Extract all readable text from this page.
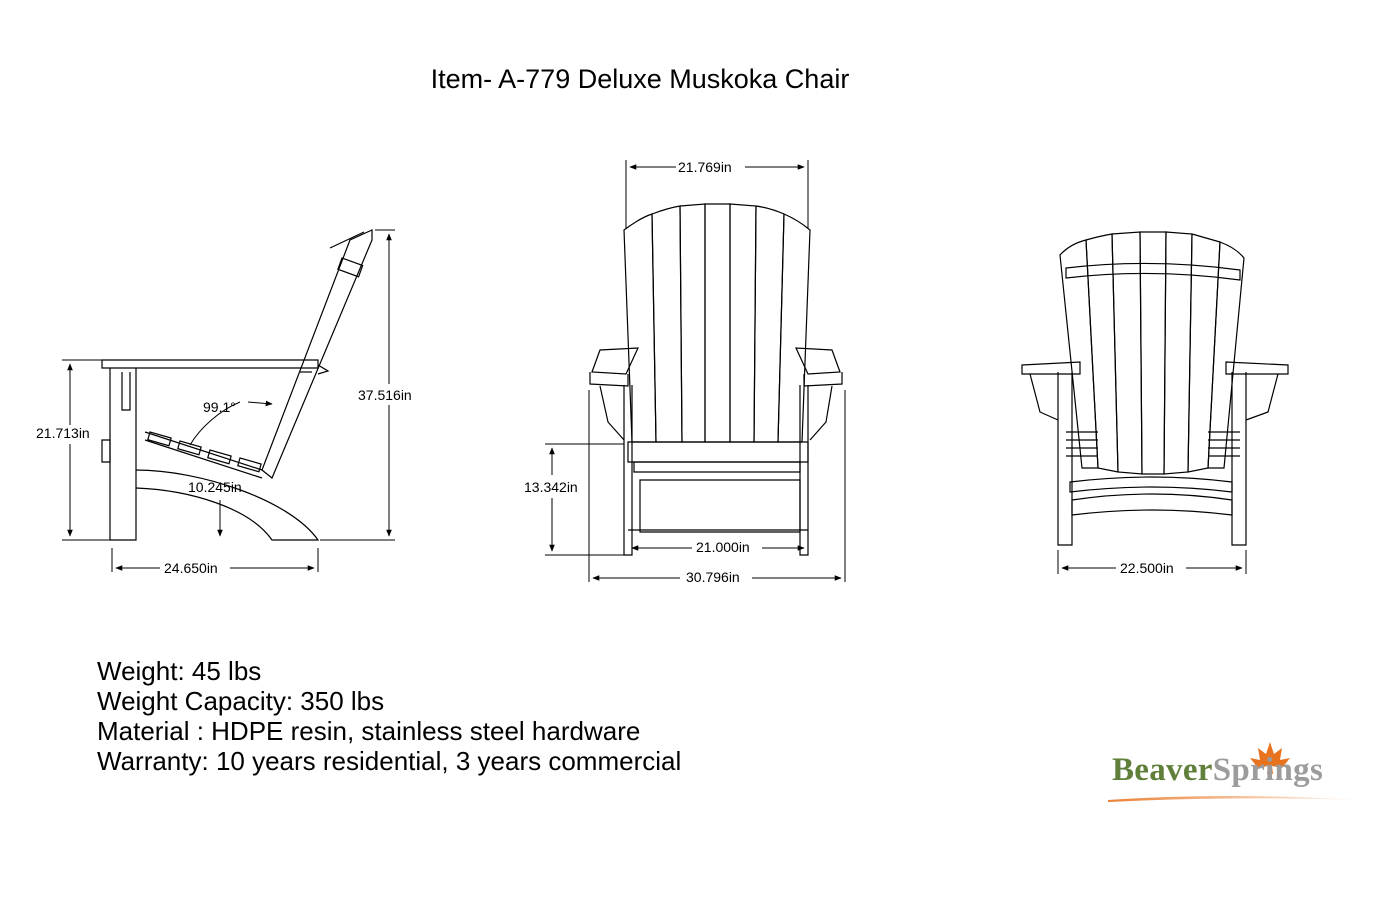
Item- A-779 Deluxe Muskoka Chair
21.713in
37.516in
24.650in
10.245in
99.1°
21.769in
13.342in
21.000in
30.796in
22.500in
Weight: 45 lbs
Weight Capacity: 350 lbs
Material : HDPE resin, stainless steel hardware
Warranty: 10 years residential, 3 years commercial	BeaverSprings
